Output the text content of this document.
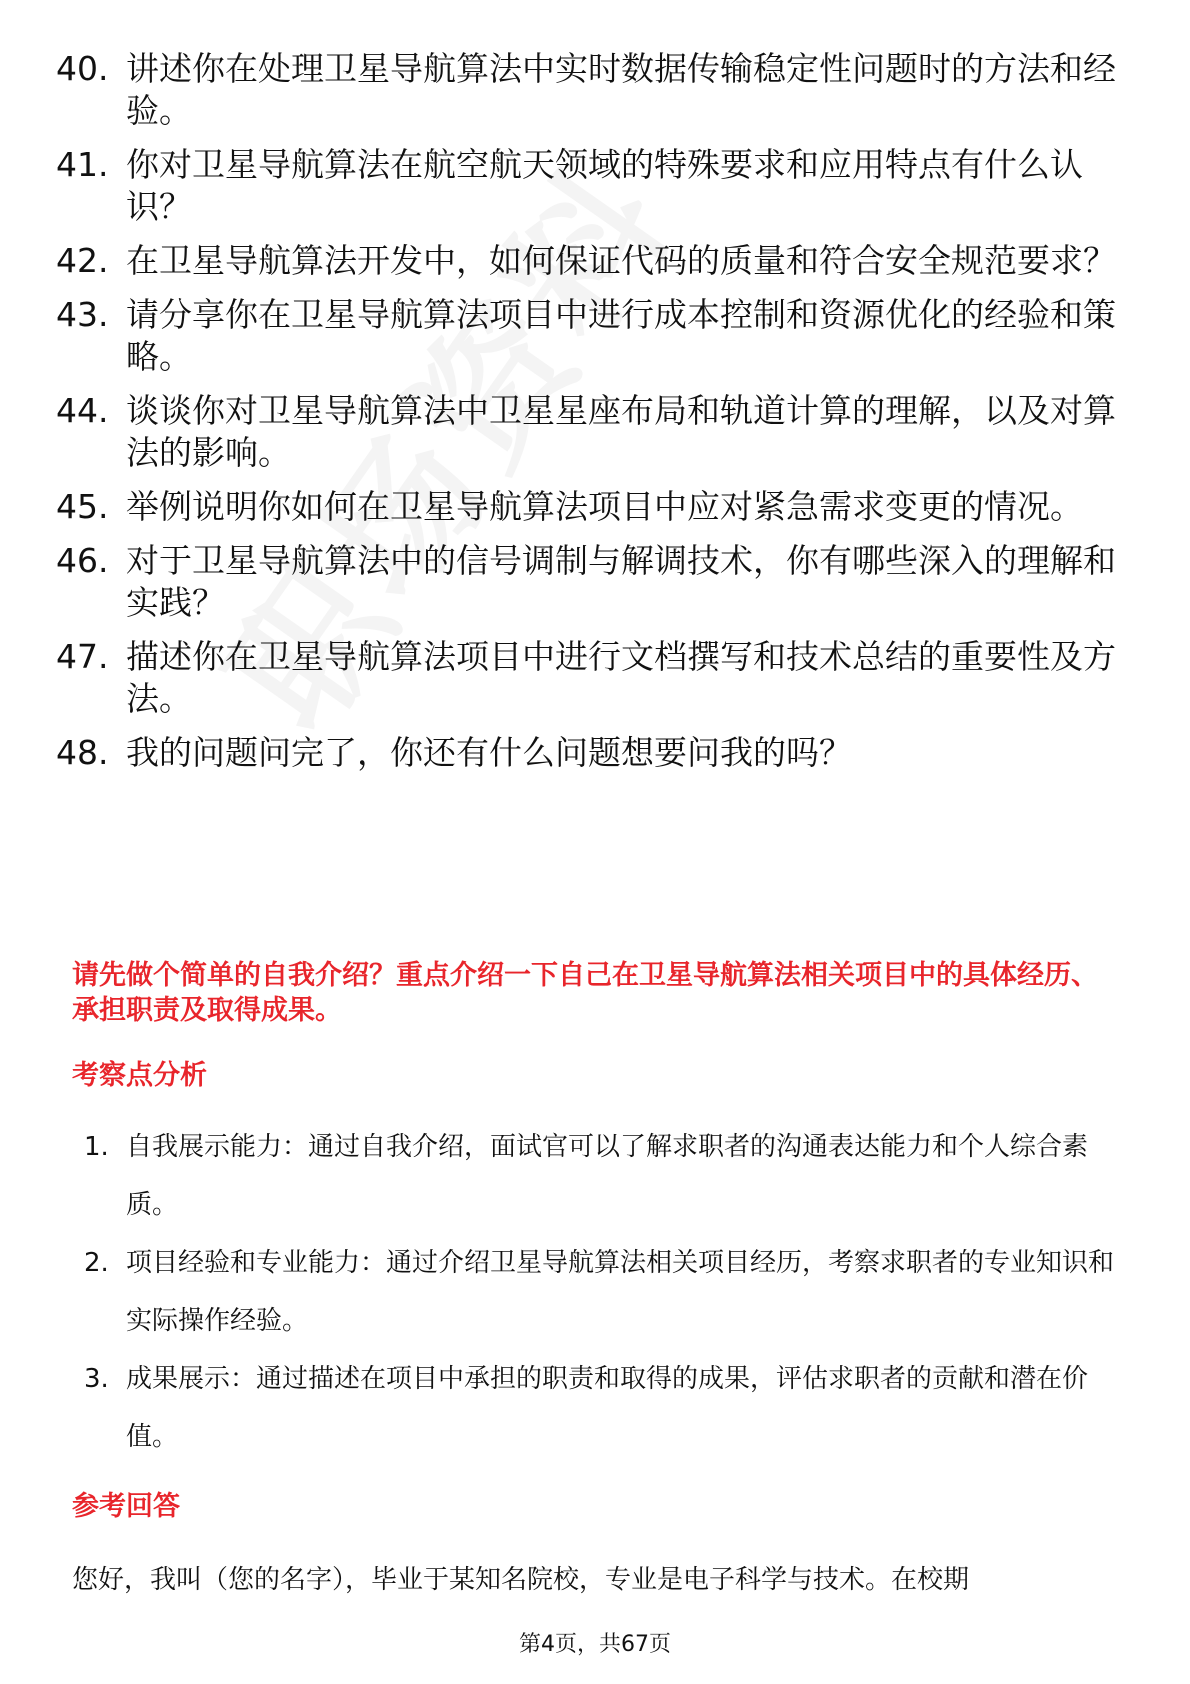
40. 讲述你在处理卫星导航算法中实时数据传输稳定性问题时的方法和经验。
41. 你对卫星导航算法在航空航天领域的特殊要求和应用特点有什么认识？
42. 在卫星导航算法开发中，如何保证代码的质量和符合安全规范要求？
43. 请分享你在卫星导航算法项目中进行成本控制和资源优化的经验和策略。
44. 谈谈你对卫星导航算法中卫星星座布局和轨道计算的理解，以及对算法的影响。
45. 举例说明你如何在卫星导航算法项目中应对紧急需求变更的情况。
46. 对于卫星导航算法中的信号调制与解调技术，你有哪些深入的理解和实践？
47. 描述你在卫星导航算法项目中进行文档撰写和技术总结的重要性及方法。
48. 我的问题问完了，你还有什么问题想要问我的吗？
请先做个简单的自我介绍？重点介绍一下自己在卫星导航算法相关项目中的具体经历、承担职责及取得成果。
考察点分析
1. 自我展示能力：通过自我介绍，面试官可以了解求职者的沟通表达能力和个人综合素质。
2. 项目经验和专业能力：通过介绍卫星导航算法相关项目经历，考察求职者的专业知识和实际操作经验。
3. 成果展示：通过描述在项目中承担的职责和取得的成果，评估求职者的贡献和潜在价值。
参考回答
您好，我叫（您的名字），毕业于某知名院校，专业是电子科学与技术。在校期
第4页，共67页
